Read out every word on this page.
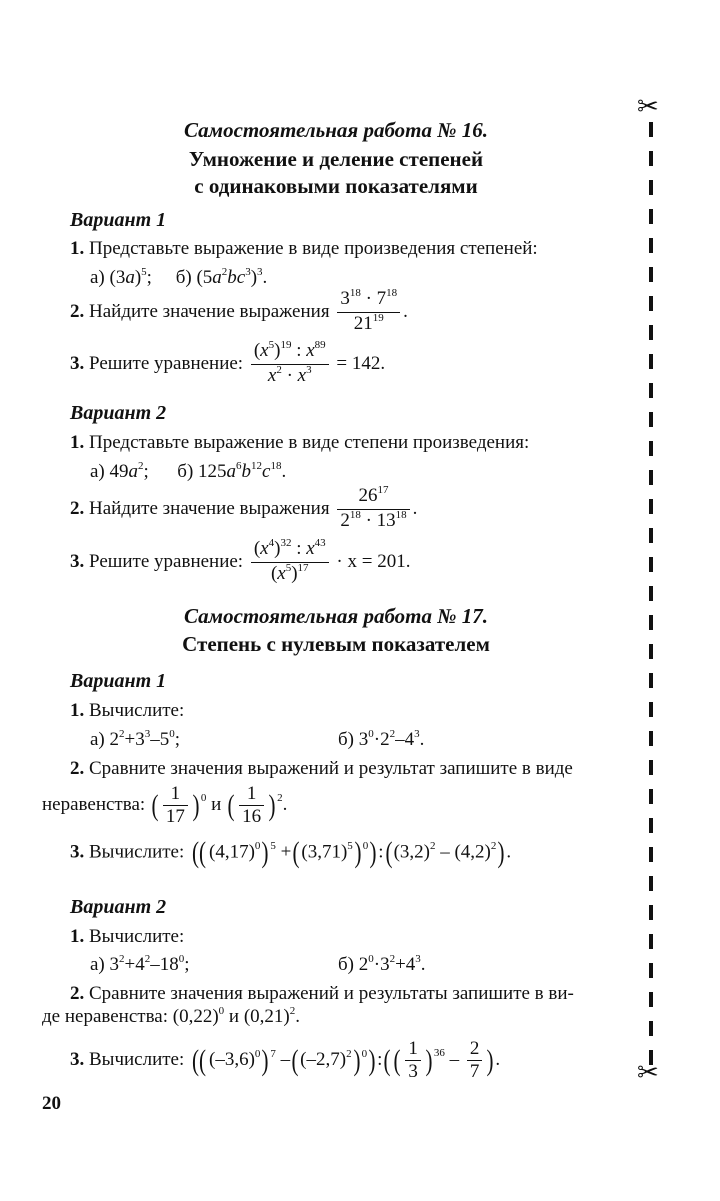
Самостоятельная работа № 16.
Умножение и деление степеней
с одинаковыми показателями
Вариант 1
1. Представьте выражение в виде произведения степеней:
а) $(3a)^5$;     б) $(5a^2bc^3)^3$.
2. Найдите значение выражения $\frac{3^{18} \cdot 7^{18}}{21^{19}}$ .
3. Решите уравнение: $\frac{(x^5)^{19} : x^{89}}{x^2 \cdot x^3} = 142$.
Вариант 2
1. Представьте выражение в виде степени произведения:
а) $49a^2$;      б) $125a^6b^{12}c^{18}$.
2. Найдите значение выражения $\frac{26^{17}}{2^{18} \cdot 13^{18}}$ .
3. Решите уравнение: $\frac{(x^4)^{32} : x^{43}}{(x^5)^{17}} \cdot x = 201$.
Самостоятельная работа № 17.
Степень с нулевым показателем
Вариант 1
1. Вычислите:
а) $2^2+3^3-5^0$;	б) $3^0\cdot 2^2-4^3$.
2. Сравните значения выражений и результат запишите в виде
неравенства: ( $\frac{1}{17}$ ) $^0$ и ( $\frac{1}{16}$ ) $^2$.
3. Вычислите: (( $(4,17)^0$) $^5 +((3,71)^5)$ $^0):((3,2)^2 - (4,2)^2)$.
Вариант 2
1. Вычислите:
а) $3^2+4^2-18^0$;	б) $2^0\cdot 3^2+4^3$.
2. Сравните значения выражений и результаты запишите в ви-
де неравенства: $(0,22)^0$ и $(0,21)^2$.
3. Вычислите: (( $(-3,6)^0$) $^7$ $-((-2,7)^2)$ $^0$):( ( $\frac{1}{3}$ ) $^{36} - \frac{2}{7}$ ).
20
✂
✂
